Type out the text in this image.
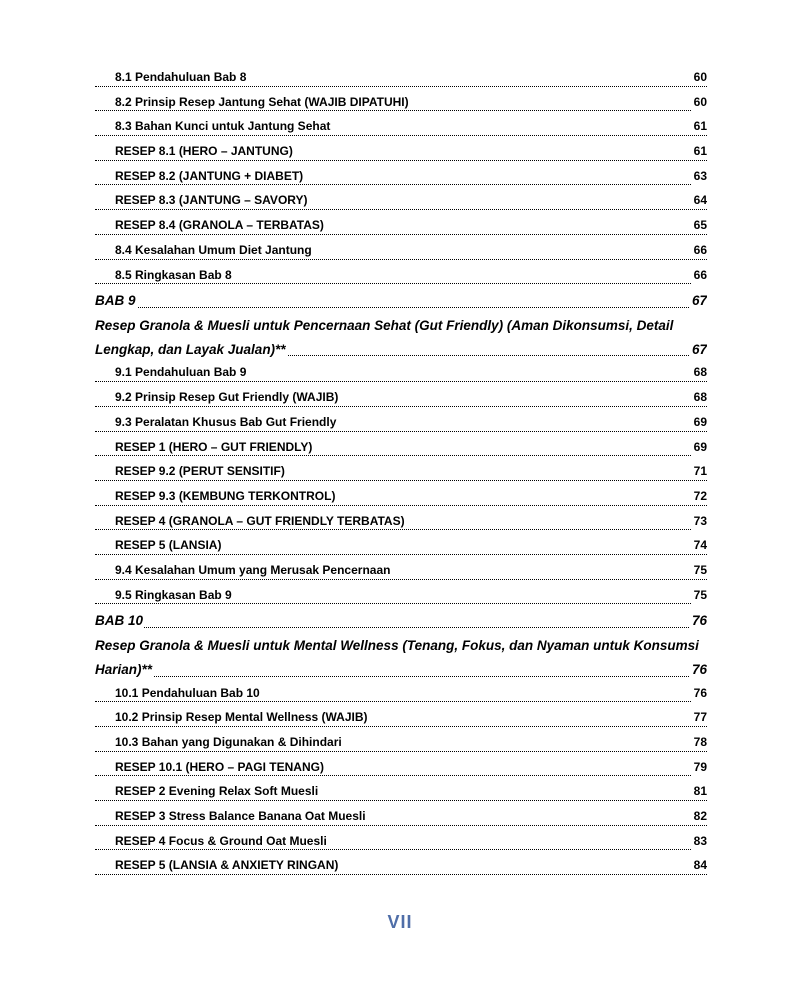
8.1 Pendahuluan Bab 8	60
8.2 Prinsip Resep Jantung Sehat (WAJIB DIPATUHI)	60
8.3 Bahan Kunci untuk Jantung Sehat	61
RESEP 8.1 (HERO – JANTUNG)	61
RESEP 8.2 (JANTUNG + DIABET)	63
RESEP 8.3 (JANTUNG – SAVORY)	64
RESEP 8.4 (GRANOLA – TERBATAS)	65
8.4 Kesalahan Umum Diet Jantung	66
8.5 Ringkasan Bab 8	66
BAB 9	67
Resep Granola & Muesli untuk Pencernaan Sehat (Gut Friendly) (Aman Dikonsumsi, Detail
Lengkap, dan Layak Jualan)**	67
9.1 Pendahuluan Bab 9	68
9.2 Prinsip Resep Gut Friendly (WAJIB)	68
9.3 Peralatan Khusus Bab Gut Friendly	69
RESEP 1 (HERO – GUT FRIENDLY)	69
RESEP 9.2 (PERUT SENSITIF)	71
RESEP 9.3 (KEMBUNG TERKONTROL)	72
RESEP 4 (GRANOLA – GUT FRIENDLY TERBATAS)	73
RESEP 5 (LANSIA)	74
9.4 Kesalahan Umum yang Merusak Pencernaan	75
9.5 Ringkasan Bab 9	75
BAB 10	76
Resep Granola & Muesli untuk Mental Wellness (Tenang, Fokus, dan Nyaman untuk Konsumsi
Harian)**	76
10.1 Pendahuluan Bab 10	76
10.2 Prinsip Resep Mental Wellness (WAJIB)	77
10.3 Bahan yang Digunakan & Dihindari	78
RESEP 10.1 (HERO – PAGI TENANG)	79
RESEP 2 Evening Relax Soft Muesli	81
RESEP 3 Stress Balance Banana Oat Muesli	82
RESEP 4 Focus & Ground Oat Muesli	83
RESEP 5 (LANSIA & ANXIETY RINGAN)	84
VII
